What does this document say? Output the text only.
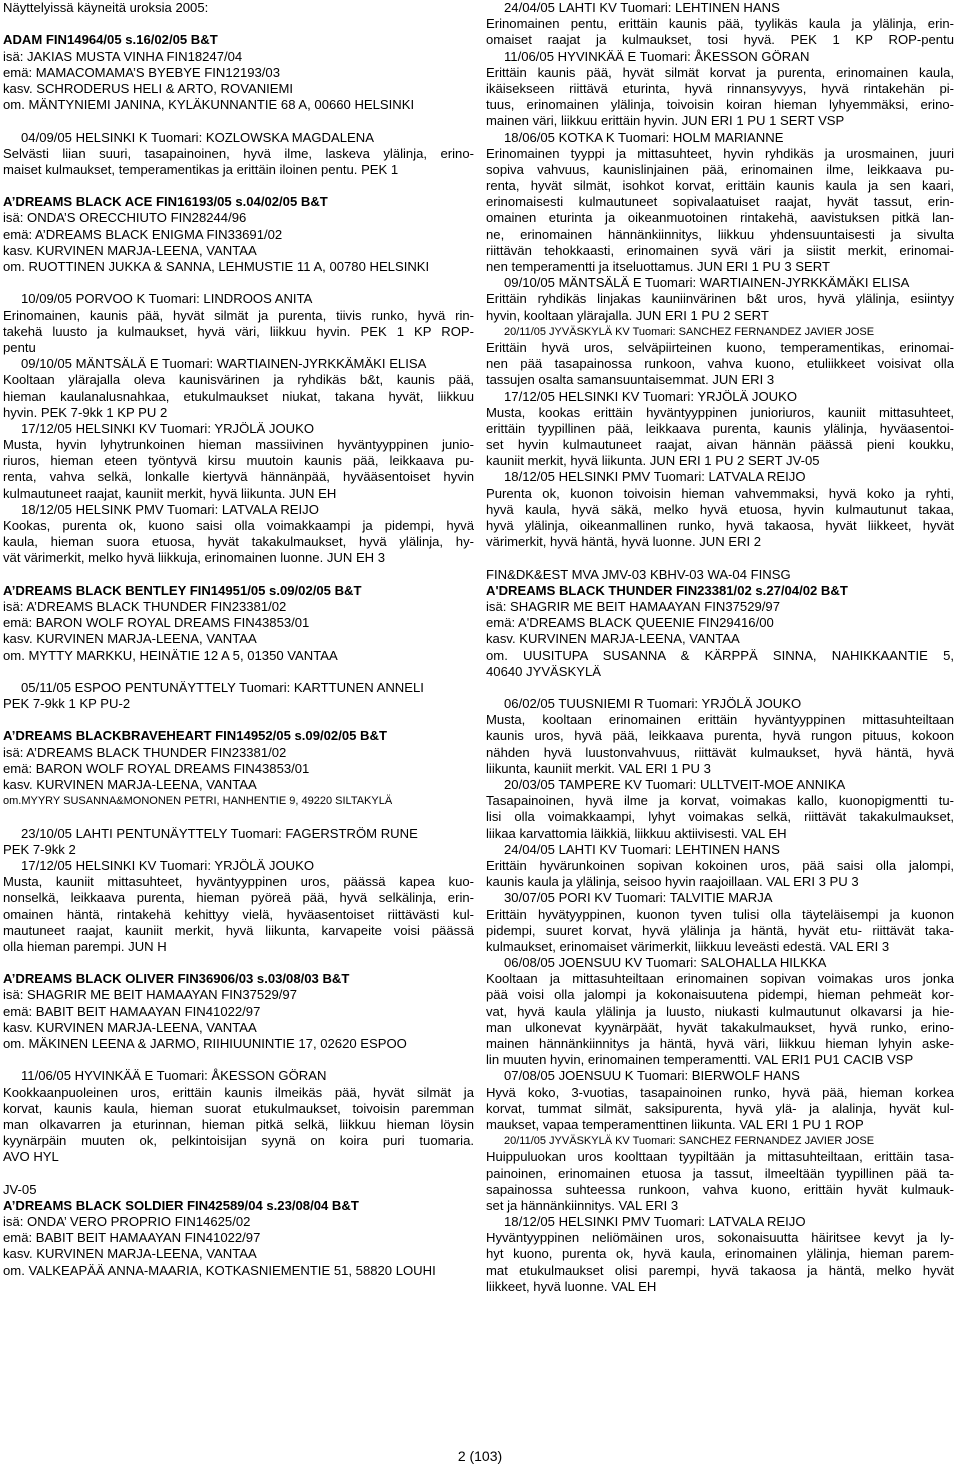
Näyttelyissä käyneitä uroksia 2005:
ADAM FIN14964/05 s.16/02/05 B&T
isä: JAKIAS MUSTA VINHA FIN18247/04
emä: MAMACOMAMA’S BYEBYE FIN12193/03
kasv. SCHRODERUS HELI & ARTO, ROVANIEMI
om. MÄNTYNIEMI JANINA, KYLÄKUNNANTIE 68 A, 00660 HELSINKI
04/09/05 HELSINKI K Tuomari: KOZLOWSKA MAGDALENA
Selvästi liian suuri, tasapainoinen, hyvä ilme, laskeva ylälinja, erino-
maiset kulmaukset, temperamentikas ja erittäin iloinen pentu. PEK 1
A’DREAMS BLACK ACE FIN16193/05 s.04/02/05 B&T
isä: ONDA’S ORECCHIUTO FIN28244/96
emä: A’DREAMS BLACK ENIGMA FIN33691/02
kasv. KURVINEN MARJA-LEENA, VANTAA
om. RUOTTINEN JUKKA & SANNA, LEHMUSTIE 11 A, 00780 HELSINKI
10/09/05 PORVOO K Tuomari: LINDROOS ANITA
Erinomainen, kaunis pää, hyvät silmät ja purenta, tiivis runko, hyvä rin-
takehä luusto ja kulmaukset, hyvä väri, liikkuu hyvin. PEK 1 KP ROP-
pentu
09/10/05 MÄNTSÄLÄ E Tuomari: WARTIAINEN-JYRKKÄMÄKI ELISA
Kooltaan ylärajalla oleva kaunisvärinen ja ryhdikäs b&t, kaunis pää,
hieman kaulanalusnahkaa, etukulmaukset niukat, takana hyvät, liikkuu
hyvin. PEK 7-9kk 1 KP PU 2
17/12/05 HELSINKI KV Tuomari: YRJÖLÄ JOUKO
Musta, hyvin lyhytrunkoinen hieman massiivinen hyväntyyppinen junio-
riuros, hieman eteen työntyvä kirsu muutoin kaunis pää, leikkaava pu-
renta, vahva selkä, lonkalle kiertyvä hännänpää, hyvääsentoiset hyvin
kulmautuneet raajat, kauniit merkit, hyvä liikunta. JUN EH
18/12/05 HELSINK PMV Tuomari: LATVALA REIJO
Kookas, purenta ok, kuono saisi olla voimakkaampi ja pidempi, hyvä
kaula, hieman suora etuosa, hyvät takakulmaukset, hyvä ylälinja, hy-
vät värimerkit, melko hyvä liikkuja, erinomainen luonne. JUN EH 3
A’DREAMS BLACK BENTLEY FIN14951/05 s.09/02/05 B&T
isä: A’DREAMS BLACK THUNDER FIN23381/02
emä: BARON WOLF ROYAL DREAMS FIN43853/01
kasv. KURVINEN MARJA-LEENA, VANTAA
om. MYTTY MARKKU, HEINÄTIE 12 A 5, 01350 VANTAA
05/11/05 ESPOO PENTUNÄYTTELY Tuomari: KARTTUNEN ANNELI
PEK 7-9kk 1 KP PU-2
A’DREAMS BLACKBRAVEHEART FIN14952/05 s.09/02/05 B&T
isä: A’DREAMS BLACK THUNDER FIN23381/02
emä: BARON WOLF ROYAL DREAMS FIN43853/01
kasv. KURVINEN MARJA-LEENA, VANTAA
om.MYYRY SUSANNA&MONONEN PETRI, HANHENTIE 9, 49220 SILTAKYLÄ
23/10/05 LAHTI PENTUNÄYTTELY Tuomari: FAGERSTRÖM RUNE
PEK 7-9kk 2
17/12/05 HELSINKI KV Tuomari: YRJÖLÄ JOUKO
Musta, kauniit mittasuhteet, hyväntyyppinen uros, päässä kapea kuo-
nonselkä, leikkaava purenta, hieman pyöreä pää, hyvä selkälinja, erin-
omainen häntä, rintakehä kehittyy vielä, hyväasentoiset riittävästi kul-
mautuneet raajat, kauniit merkit, hyvä liikunta, karvapeite voisi päässä
olla hieman parempi. JUN H
A’DREAMS BLACK OLIVER FIN36906/03 s.03/08/03 B&T
isä: SHAGRIR ME BEIT HAMAAYAN FIN37529/97
emä: BABIT BEIT HAMAAYAN FIN41022/97
kasv. KURVINEN MARJA-LEENA, VANTAA
om. MÄKINEN LEENA & JARMO, RIIHIUUNINTIE 17, 02620 ESPOO
11/06/05 HYVINKÄÄ E Tuomari: ÅKESSON GÖRAN
Kookkaanpuoleinen uros, erittäin kaunis ilmeikäs pää, hyvät silmät ja
korvat, kaunis kaula, hieman suorat etukulmaukset, toivoisin paremman
man olkavarren ja eturinnan, hieman pitkä selkä, liikkuu hieman löysin
kyynärpäin muuten ok, pelkintoisijan syynä on koira puri tuomaria.
AVO HYL
JV-05
A’DREAMS BLACK SOLDIER FIN42589/04 s.23/08/04 B&T
isä: ONDA’ VERO PROPRIO FIN14625/02
emä: BABIT BEIT HAMAAYAN FIN41022/97
kasv. KURVINEN MARJA-LEENA, VANTAA
om. VALKEAPÄÄ ANNA-MAARIA, KOTKASNIEMENTIE 51, 58820 LOUHI
24/04/05 LAHTI KV Tuomari: LEHTINEN HANS
Erinomainen pentu, erittäin kaunis pää, tyylikäs kaula ja ylälinja, erin-
omaiset raajat ja kulmaukset, tosi hyvä. PEK 1 KP ROP-pentu
11/06/05 HYVINKÄÄ E Tuomari: ÅKESSON GÖRAN
Erittäin kaunis pää, hyvät silmät korvat ja purenta, erinomainen kaula,
ikäisekseen riittävä eturinta, hyvä rinnansyvyys, hyvä rintakehän pi-
tuus, erinomainen ylälinja, toivoisin koiran hieman lyhyemmäksi, erino-
mainen väri, liikkuu erittäin hyvin. JUN ERI 1 PU 1 SERT VSP
18/06/05 KOTKA K Tuomari: HOLM MARIANNE
Erinomainen tyyppi ja mittasuhteet, hyvin ryhdikäs ja urosmainen, juuri
sopiva vahvuus, kaunislinjainen pää, erinomainen ilme, leikkaava pu-
renta, hyvät silmät, isohkot korvat, erittäin kaunis kaula ja sen kaari,
erinomaisesti kulmautuneet sopivalaatuiset raajat, hyvät tassut, erin-
omainen eturinta ja oikeanmuotoinen rintakehä, aavistuksen pitkä lan-
ne, erinomainen hännänkiinnitys, liikkuu yhdensuuntaisesti ja sivulta
riittävän tehokkaasti, erinomainen syvä väri ja siistit merkit, erinomai-
nen temperamentti ja itseluottamus. JUN ERI 1 PU 3 SERT
09/10/05 MÄNTSÄLÄ E Tuomari: WARTIAINEN-JYRKKÄMÄKI ELISA
Erittäin ryhdikäs linjakas kauniinvärinen b&t uros, hyvä ylälinja, esiintyy
hyvin, kooltaan ylärajalla. JUN ERI 1 PU 2 SERT
20/11/05 JYVÄSKYLÄ KV Tuomari: SANCHEZ FERNANDEZ JAVIER JOSE
Erittäin hyvä uros, selväpiirteinen kuono, temperamentikas, erinomai-
nen pää tasapainossa runkoon, vahva kuono, etuliikkeet voisivat olla
tassujen osalta samansuuntaisemmat. JUN ERI 3
17/12/05 HELSINKI KV Tuomari: YRJÖLÄ JOUKO
Musta, kookas erittäin hyväntyyppinen junioriuros, kauniit mittasuhteet,
erittäin tyypillinen pää, leikkaava purenta, kaunis ylälinja, hyväasentoi-
set hyvin kulmautuneet raajat, aivan hännän päässä pieni koukku,
kauniit merkit, hyvä liikunta. JUN ERI 1 PU 2 SERT JV-05
18/12/05 HELSINKI PMV Tuomari: LATVALA REIJO
Purenta ok, kuonon toivoisin hieman vahvemmaksi, hyvä koko ja ryhti,
hyvä kaula, hyvä säkä, melko hyvä etuosa, hyvin kulmautunut takaa,
hyvä ylälinja, oikeanmallinen runko, hyvä takaosa, hyvät liikkeet, hyvät
värimerkit, hyvä häntä, hyvä luonne. JUN ERI 2
FIN&DK&EST MVA JMV-03 KBHV-03 WA-04 FINSG
A'DREAMS BLACK THUNDER FIN23381/02 s.27/04/02 B&T
isä: SHAGRIR ME BEIT HAMAAYAN FIN37529/97
emä: A'DREAMS BLACK QUEENIE FIN29416/00
kasv. KURVINEN MARJA-LEENA, VANTAA
om. UUSITUPA SUSANNA & KÄRPPÄ SINNA, NAHIKKAANTIE 5,
40640 JYVÄSKYLÄ
06/02/05 TUUSNIEMI R Tuomari: YRJÖLÄ JOUKO
Musta, kooltaan erinomainen erittäin hyväntyyppinen mittasuhteiltaan
kaunis uros, hyvä pää, leikkaava purenta, hyvä rungon pituus, kokoon
nähden hyvä luustonvahvuus, riittävät kulmaukset, hyvä häntä, hyvä
liikunta, kauniit merkit. VAL ERI 1 PU 3
20/03/05 TAMPERE KV Tuomari: ULLTVEIT-MOE ANNIKA
Tasapainoinen, hyvä ilme ja korvat, voimakas kallo, kuonopigmentti tu-
lisi olla voimakkaampi, lyhyt voimakas selkä, riittävät takakulmaukset,
liikaa karvattomia läikkiä, liikkuu aktiivisesti. VAL EH
24/04/05 LAHTI KV Tuomari: LEHTINEN HANS
Erittäin hyvärunkoinen sopivan kokoinen uros, pää saisi olla jalompi,
kaunis kaula ja ylälinja, seisoo hyvin raajoillaan. VAL ERI 3 PU 3
30/07/05 PORI KV Tuomari: TALVITIE MARJA
Erittäin hyvätyyppinen, kuonon tyven tulisi olla täyteläisempi ja kuonon
pidempi, suuret korvat, hyvä ylälinja ja häntä, hyvät etu- riittävät taka-
kulmaukset, erinomaiset värimerkit, liikkuu leveästi edestä. VAL ERI 3
06/08/05 JOENSUU KV Tuomari: SALOHALLA HILKKA
Kooltaan ja mittasuhteiltaan erinomainen sopivan voimakas uros jonka
pää voisi olla jalompi ja kokonaisuutena pidempi, hieman pehmeät kor-
vat, hyvä kaula ylälinja ja luusto, niukasti kulmautunut olkavarsi ja hie-
man ulkonevat kyynärpäät, hyvät takakulmaukset, hyvä runko, erino-
mainen hännänkiinnitys ja häntä, hyvä väri, liikkuu hieman lyhyin aske-
lin muuten hyvin, erinomainen temperamentti. VAL ERI1 PU1 CACIB VSP
07/08/05 JOENSUU K Tuomari: BIERWOLF HANS
Hyvä koko, 3-vuotias, tasapainoinen runko, hyvä pää, hieman korkea
korvat, tummat silmät, saksipurenta, hyvä ylä- ja alalinja, hyvät kul-
maukset, vapaa temperamenttinen liikunta. VAL ERI 1 PU 1 ROP
20/11/05 JYVÄSKYLÄ KV Tuomari: SANCHEZ FERNANDEZ JAVIER JOSE
Huippuluokan uros koolttaan tyypiltään ja mittasuhteiltaan, erittäin tasa-
painoinen, erinomainen etuosa ja tassut, ilmeeltään tyypillinen pää ta-
sapainossa suhteessa runkoon, vahva kuono, erittäin hyvät kulmauk-
set ja hännänkiinnitys. VAL ERI 3
18/12/05 HELSINKI PMV Tuomari: LATVALA REIJO
Hyväntyyppinen neliömäinen uros, sokonaisuutta häiritsee kevyt ja ly-
hyt kuono, purenta ok, hyvä kaula, erinomainen ylälinja, hieman parem-
mat etukulmaukset olisi parempi, hyvä takaosa ja häntä, melko hyvät
liikkeet, hyvä luonne. VAL EH
2 (103)
